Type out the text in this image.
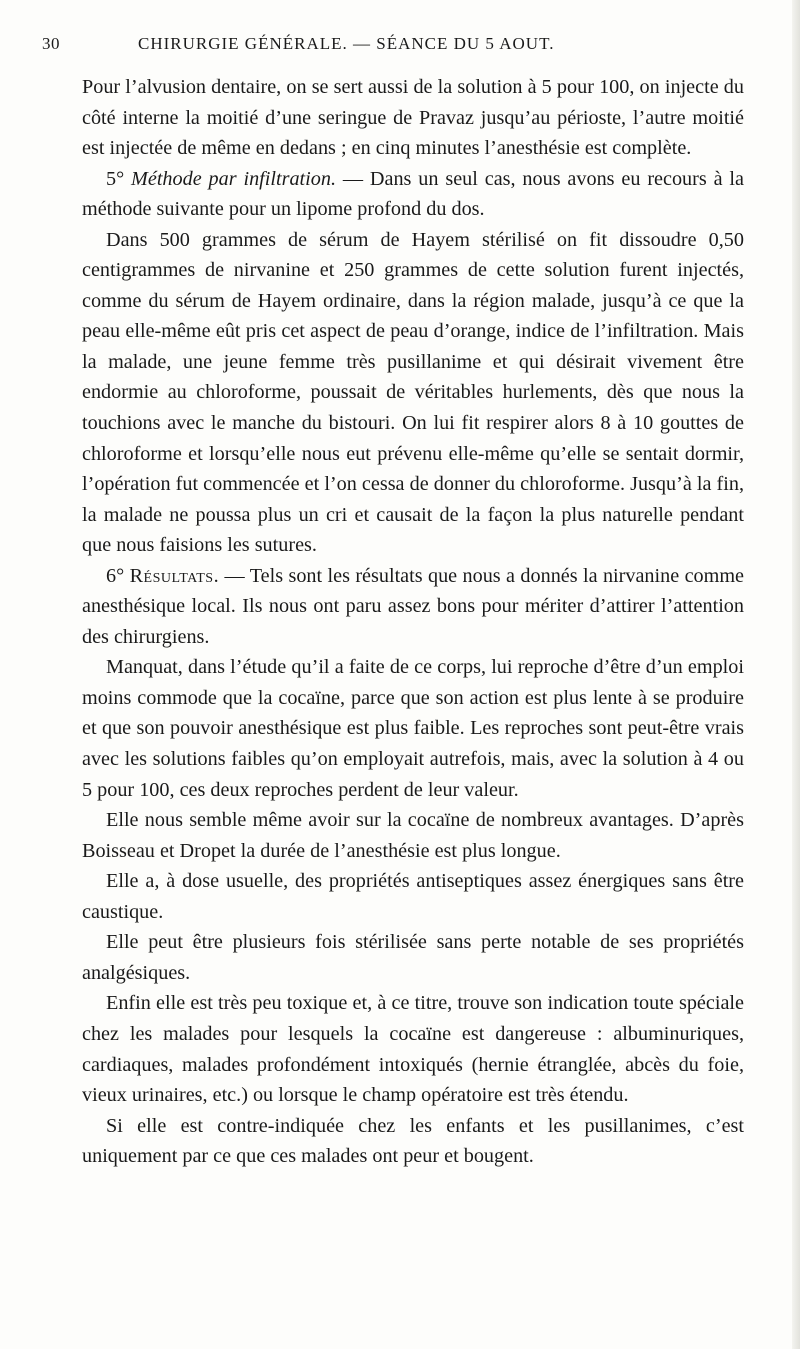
30	CHIRURGIE GÉNÉRALE. — SÉANCE DU 5 AOUT.

Pour l’alvusion dentaire, on se sert aussi de la solution à 5 pour 100, on injecte du côté interne la moitié d’une seringue de Pravaz jusqu’au périoste, l’autre moitié est injectée de même en dedans ; en cinq minutes l’anesthésie est complète.

5° Méthode par infiltration. — Dans un seul cas, nous avons eu recours à la méthode suivante pour un lipome profond du dos.

Dans 500 grammes de sérum de Hayem stérilisé on fit dissoudre 0,50 centigrammes de nirvanine et 250 grammes de cette solution furent injectés, comme du sérum de Hayem ordinaire, dans la région malade, jusqu’à ce que la peau elle-même eût pris cet aspect de peau d’orange, indice de l’infiltration. Mais la malade, une jeune femme très pusillanime et qui désirait vivement être endormie au chloroforme, poussait de véritables hurlements, dès que nous la touchions avec le manche du bistouri. On lui fit respirer alors 8 à 10 gouttes de chloroforme et lorsqu’elle nous eut prévenu elle-même qu’elle se sentait dormir, l’opération fut commencée et l’on cessa de donner du chloroforme. Jusqu’à la fin, la malade ne poussa plus un cri et causait de la façon la plus naturelle pendant que nous faisions les sutures.

6° Résultats. — Tels sont les résultats que nous a donnés la nirvanine comme anesthésique local. Ils nous ont paru assez bons pour mériter d’attirer l’attention des chirurgiens.

Manquat, dans l’étude qu’il a faite de ce corps, lui reproche d’être d’un emploi moins commode que la cocaïne, parce que son action est plus lente à se produire et que son pouvoir anesthésique est plus faible. Les reproches sont peut-être vrais avec les solutions faibles qu’on employait autrefois, mais, avec la solution à 4 ou 5 pour 100, ces deux reproches perdent de leur valeur.

Elle nous semble même avoir sur la cocaïne de nombreux avantages. D’après Boisseau et Dropet la durée de l’anesthésie est plus longue.

Elle a, à dose usuelle, des propriétés antiseptiques assez énergiques sans être caustique.

Elle peut être plusieurs fois stérilisée sans perte notable de ses propriétés analgésiques.

Enfin elle est très peu toxique et, à ce titre, trouve son indication toute spéciale chez les malades pour lesquels la cocaïne est dangereuse : albuminuriques, cardiaques, malades profondément intoxiqués (hernie étranglée, abcès du foie, vieux urinaires, etc.) ou lorsque le champ opératoire est très étendu.

Si elle est contre-indiquée chez les enfants et les pusillanimes, c’est uniquement par ce que ces malades ont peur et bougent.
